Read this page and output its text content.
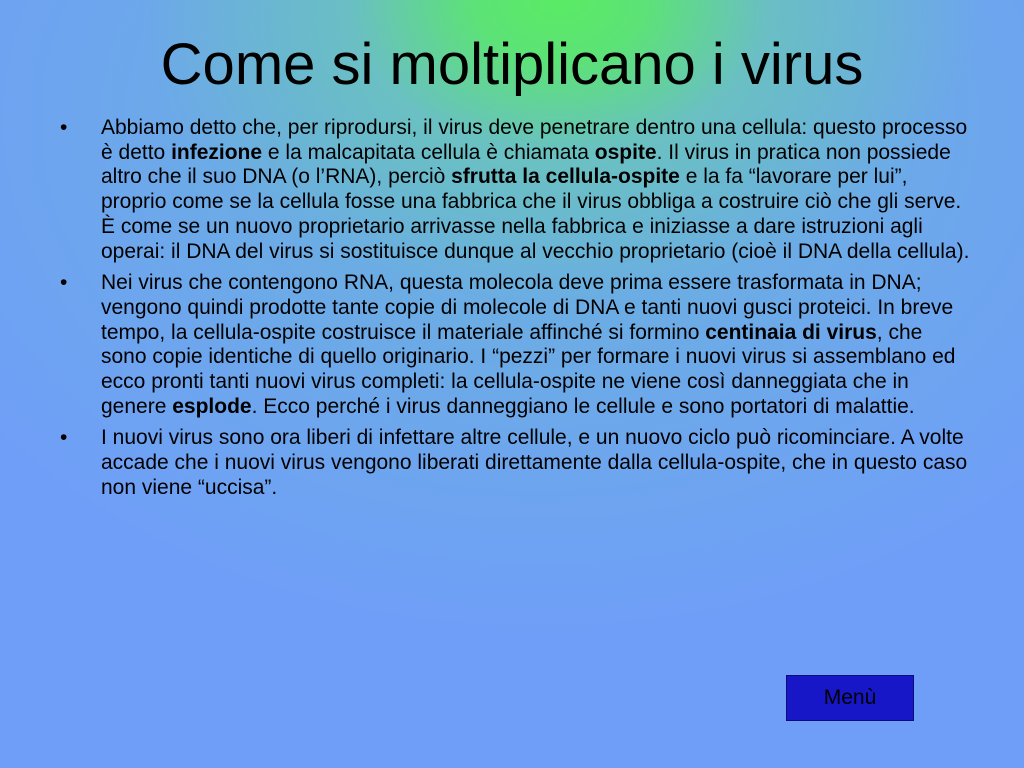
Come si moltiplicano i virus
•	Abbiamo detto che, per riprodursi, il virus deve penetrare dentro una cellula: questo processo è detto infezione e la malcapitata cellula è chiamata ospite. Il virus in pratica non possiede altro che il suo DNA (o l’RNA), perciò sfrutta la cellula-ospite e la fa “lavorare per lui”, proprio come se la cellula fosse una fabbrica che il virus obbliga a costruire ciò che gli serve. È come se un nuovo proprietario arrivasse nella fabbrica e iniziasse a dare istruzioni agli operai: il DNA del virus si sostituisce dunque al vecchio proprietario (cioè il DNA della cellula).
•	Nei virus che contengono RNA, questa molecola deve prima essere trasformata in DNA; vengono quindi prodotte tante copie di molecole di DNA e tanti nuovi gusci proteici. In breve tempo, la cellula-ospite costruisce il materiale affinché si formino centinaia di virus, che sono copie identiche di quello originario. I “pezzi” per formare i nuovi virus si assemblano ed ecco pronti tanti nuovi virus completi: la cellula-ospite ne viene così danneggiata che in genere esplode. Ecco perché i virus danneggiano le cellule e sono portatori di malattie.
•	I nuovi virus sono ora liberi di infettare altre cellule, e un nuovo ciclo può ricominciare. A volte accade che i nuovi virus vengono liberati direttamente dalla cellula-ospite, che in questo caso non viene “uccisa”.
Menù
